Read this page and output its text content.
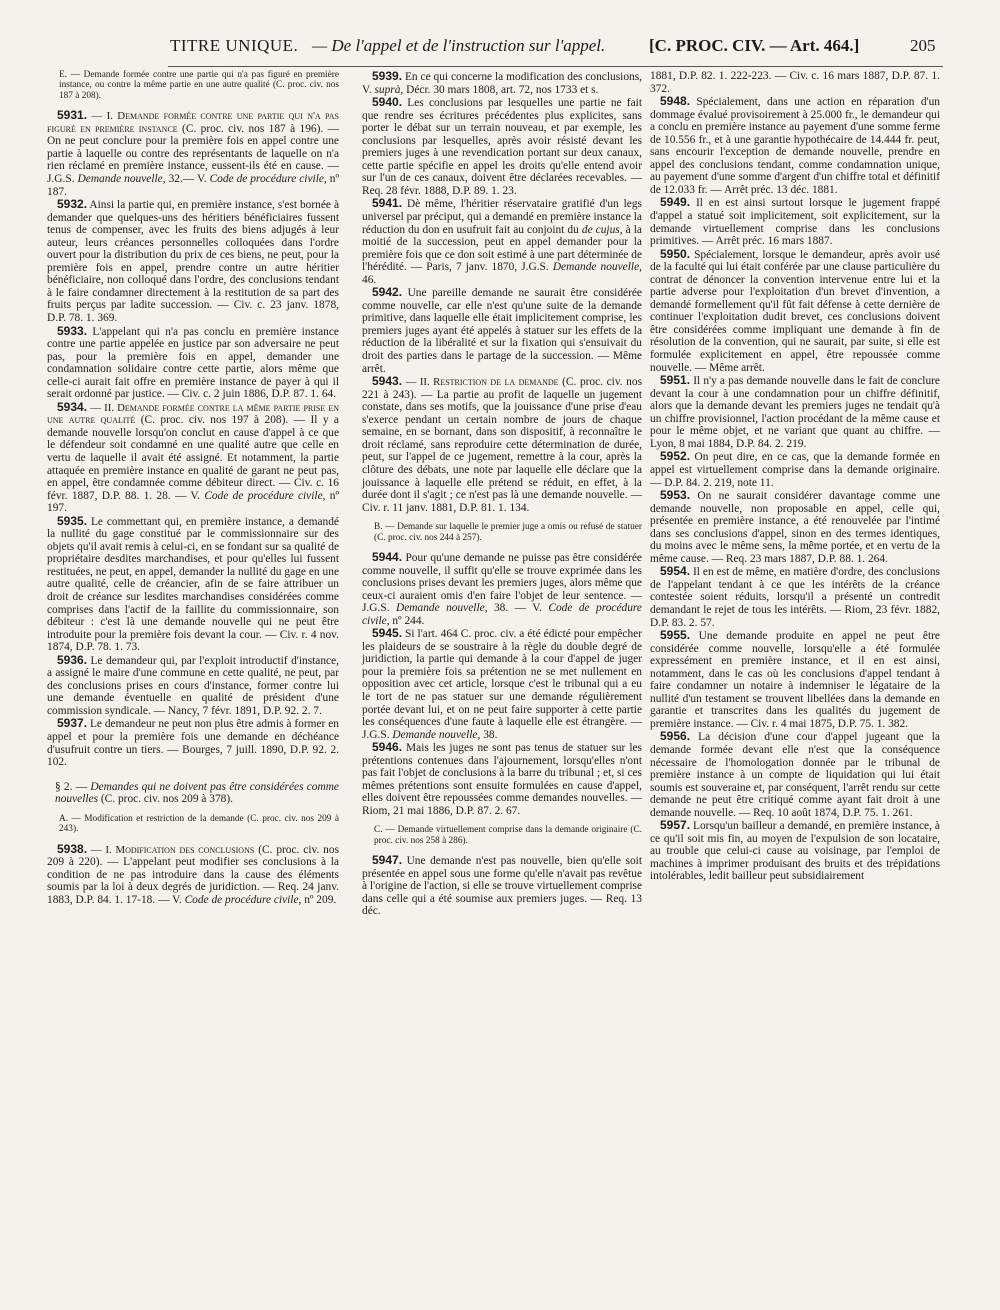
TITRE UNIQUE. — De l'appel et de l'instruction sur l'appel.	[C. PROC. CIV. — Art. 464.]	205

E. — Demande formée contre une partie qui n'a pas figuré en première instance, ou contre la même partie en une autre qualité (C. proc. civ. nos 187 à 208).

5931. — I. Demande formée contre une partie qui n'a pas figuré en première instance (C. proc. civ. nos 187 à 196). — On ne peut conclure pour la première fois en appel contre une partie à laquelle ou contre des représentants de laquelle on n'a rien réclamé en première instance, eussent-ils été en cause. — J.G.S. Demande nouvelle, 32.— V. Code de procédure civile, nº 187.

5932. Ainsi la partie qui, en première instance, s'est bornée à demander que quelques-uns des héritiers bénéficiaires fussent tenus de compenser, avec les fruits des biens adjugés à leur auteur, leurs créances personnelles colloquées dans l'ordre ouvert pour la distribution du prix de ces biens, ne peut, pour la première fois en appel, prendre contre un autre héritier bénéficiaire, non colloqué dans l'ordre, des conclusions tendant à le faire condamner directement à la restitution de sa part des fruits perçus par ladite succession. — Civ. c. 23 janv. 1878, D.P. 78. 1. 369.

5933. L'appelant qui n'a pas conclu en première instance contre une partie appelée en justice par son adversaire ne peut pas, pour la première fois en appel, demander une condamnation solidaire contre cette partie, alors même que celle-ci aurait fait offre en première instance de payer à qui il serait ordonné par justice. — Civ. c. 2 juin 1886, D.P. 87. 1. 64.

5934. — II. Demande formée contre la même partie prise en une autre qualité (C. proc. civ. nos 197 à 208). — Il y a demande nouvelle lorsqu'on conclut en cause d'appel à ce que le défendeur soit condamné en une qualité autre que celle en vertu de laquelle il avait été assigné. Et notamment, la partie attaquée en première instance en qualité de garant ne peut pas, en appel, être condamnée comme débiteur direct. — Civ. c. 16 févr. 1887, D.P. 88. 1. 28. — V. Code de procédure civile, nº 197.

5935. Le commettant qui, en première instance, a demandé la nullité du gage constitué par le commissionnaire sur des objets qu'il avait remis à celui-ci, en se fondant sur sa qualité de propriétaire desdites marchandises, et pour qu'elles lui fussent restituées, ne peut, en appel, demander la nullité du gage en une autre qualité, celle de créancier, afin de se faire attribuer un droit de créance sur lesdites marchandises considérées comme comprises dans l'actif de la faillite du commissionnaire, son débiteur : c'est là une demande nouvelle qui ne peut être introduite pour la première fois devant la cour. — Civ. r. 4 nov. 1874, D.P. 78. 1. 73.

5936. Le demandeur qui, par l'exploit introductif d'instance, a assigné le maire d'une commune en cette qualité, ne peut, par des conclusions prises en cours d'instance, former contre lui une demande éventuelle en qualité de président d'une commission syndicale. — Nancy, 7 févr. 1891, D.P. 92. 2. 7.

5937. Le demandeur ne peut non plus être admis à former en appel et pour la première fois une demande en déchéance d'usufruit contre un tiers. — Bourges, 7 juill. 1890, D.P. 92. 2. 102.

§ 2. — Demandes qui ne doivent pas être considérées comme nouvelles (C. proc. civ. nos 209 à 378).

A. — Modification et restriction de la demande (C. proc. civ. nos 209 à 243).

5938. — I. Modification des conclusions (C. proc. civ. nos 209 à 220). — L'appelant peut modifier ses conclusions à la condition de ne pas introduire dans la cause des éléments soumis par la loi à deux degrés de juridiction. — Req. 24 janv. 1883, D.P. 84. 1. 17-18. — V. Code de procédure civile, nº 209.

5939. En ce qui concerne la modification des conclusions, V. suprà, Décr. 30 mars 1808, art. 72, nos 1733 et s.

5940. Les conclusions par lesquelles une partie ne fait que rendre ses écritures précédentes plus explicites, sans porter le débat sur un terrain nouveau, et par exemple, les conclusions par lesquelles, après avoir résisté devant les premiers juges à une revendication portant sur deux canaux, cette partie spécifie en appel les droits qu'elle entend avoir sur l'un de ces canaux, doivent être déclarées recevables. — Req. 28 févr. 1888, D.P. 89. 1. 23.

5941. Dè même, l'héritier réservataire gratifié d'un legs universel par préciput, qui a demandé en première instance la réduction du don en usufruit fait au conjoint du de cujus, à la moitié de la succession, peut en appel demander pour la première fois que ce don soit estimé à une part déterminée de l'hérédité. — Paris, 7 janv. 1870, J.G.S. Demande nouvelle, 46.

5942. Une pareille demande ne saurait être considérée comme nouvelle, car elle n'est qu'une suite de la demande primitive, dans laquelle elle était implicitement comprise, les premiers juges ayant été appelés à statuer sur les effets de la réduction de la libéralité et sur la fixation qui s'ensuivait du droit des parties dans le partage de la succession. — Même arrêt.

5943. — II. Restriction de la demande (C. proc. civ. nos 221 à 243). — La partie au profit de laquelle un jugement constate, dans ses motifs, que la jouissance d'une prise d'eau s'exerce pendant un certain nombre de jours de chaque semaine, en se bornant, dans son dispositif, à reconnaître le droit réclamé, sans reproduire cette détermination de durée, peut, sur l'appel de ce jugement, remettre à la cour, après la clôture des débats, une note par laquelle elle déclare que la jouissance à laquelle elle prétend se réduit, en effet, à la durée dont il s'agit ; ce n'est pas là une demande nouvelle. — Civ. r. 11 janv. 1881, D.P. 81. 1. 134.

B. — Demande sur laquelle le premier juge a omis ou refusé de statuer (C. proc. civ. nos 244 à 257).

5944. Pour qu'une demande ne puisse pas être considérée comme nouvelle, il suffit qu'elle se trouve exprimée dans les conclusions prises devant les premiers juges, alors même que ceux-ci auraient omis d'en faire l'objet de leur sentence. — J.G.S. Demande nouvelle, 38. — V. Code de procédure civile, nº 244.

5945. Si l'art. 464 C. proc. civ. a été édicté pour empêcher les plaideurs de se soustraire à la règle du double degré de juridiction, la partie qui demande à la cour d'appel de juger pour la première fois sa prétention ne se met nullement en opposition avec cet article, lorsque c'est le tribunal qui a eu le tort de ne pas statuer sur une demande régulièrement portée devant lui, et on ne peut faire supporter à cette partie les conséquences d'une faute à laquelle elle est étrangère. — J.G.S. Demande nouvelle, 38.

5946. Mais les juges ne sont pas tenus de statuer sur les prétentions contenues dans l'ajournement, lorsqu'elles n'ont pas fait l'objet de conclusions à la barre du tribunal ; et, si ces mêmes prétentions sont ensuite formulées en cause d'appel, elles doivent être repoussées comme demandes nouvelles. — Riom, 21 mai 1886, D.P. 87. 2. 67.

C. — Demande virtuellement comprise dans la demande originaire (C. proc. civ. nos 258 à 286).

5947. Une demande n'est pas nouvelle, bien qu'elle soit présentée en appel sous une forme qu'elle n'avait pas revêtue à l'origine de l'action, si elle se trouve virtuellement comprise dans celle qui a été soumise aux premiers juges. — Req. 13 déc.

1881, D.P. 82. 1. 222-223. — Civ. c. 16 mars 1887, D.P. 87. 1. 372.

5948. Spécialement, dans une action en réparation d'un dommage évalué provisoirement à 25.000 fr., le demandeur qui a conclu en première instance au payement d'une somme ferme de 10.556 fr., et à une garantie hypothécaire de 14.444 fr. peut, sans encourir l'exception de demande nouvelle, prendre en appel des conclusions tendant, comme condamnation unique, au payement d'une somme d'argent d'un chiffre total et définitif de 12.033 fr. — Arrêt préc. 13 déc. 1881.

5949. Il en est ainsi surtout lorsque le jugement frappé d'appel a statué soit implicitement, soit explicitement, sur la demande virtuellement comprise dans les conclusions primitives. — Arrêt préc. 16 mars 1887.

5950. Spécialement, lorsque le demandeur, après avoir usé de la faculté qui lui était conférée par une clause particulière du contrat de dénoncer la convention intervenue entre lui et la partie adverse pour l'exploitation d'un brevet d'invention, a demandé formellement qu'il fût fait défense à cette dernière de continuer l'exploitation dudit brevet, ces conclusions doivent être considérées comme impliquant une demande à fin de résolution de la convention, qui ne saurait, par suite, si elle est formulée explicitement en appel, être repoussée comme nouvelle. — Même arrêt.

5951. Il n'y a pas demande nouvelle dans le fait de conclure devant la cour à une condamnation pour un chiffre définitif, alors que la demande devant les premiers juges ne tendait qu'à un chiffre provisionnel, l'action procédant de la même cause et pour le même objet, et ne variant que quant au chiffre. — Lyon, 8 mai 1884, D.P. 84. 2. 219.

5952. On peut dire, en ce cas, que la demande formée en appel est virtuellement comprise dans la demande originaire. — D.P. 84. 2. 219, note 11.

5953. On ne saurait considérer davantage comme une demande nouvelle, non proposable en appel, celle qui, présentée en première instance, a été renouvelée par l'intimé dans ses conclusions d'appel, sinon en des termes identiques, du moins avec le même sens, la même portée, et en vertu de la même cause. — Req. 23 mars 1887, D.P. 88. 1. 264.

5954. Il en est de même, en matière d'ordre, des conclusions de l'appelant tendant à ce que les intérêts de la créance contestée soient réduits, lorsqu'il a présenté un contredit demandant le rejet de tous les intérêts. — Riom, 23 févr. 1882, D.P. 83. 2. 57.

5955. Une demande produite en appel ne peut être considérée comme nouvelle, lorsqu'elle a été formulée expressément en première instance, et il en est ainsi, notamment, dans le cas où les conclusions d'appel tendant à faire condamner un notaire à indemniser le légataire de la nullité d'un testament se trouvent libellées dans la demande en garantie et transcrites dans les qualités du jugement de première instance. — Civ. r. 4 mai 1875, D.P. 75. 1. 382.

5956. La décision d'une cour d'appel jugeant que la demande formée devant elle n'est que la conséquence nécessaire de l'homologation donnée par le tribunal de première instance à un compte de liquidation qui lui était soumis est souveraine et, par conséquent, l'arrêt rendu sur cette demande ne peut être critiqué comme ayant fait droit à une demande nouvelle. — Req. 10 août 1874, D.P. 75. 1. 261.

5957. Lorsqu'un bailleur a demandé, en première instance, à ce qu'il soit mis fin, au moyen de l'expulsion de son locataire, au trouble que celui-ci cause au voisinage, par l'emploi de machines à imprimer produisant des bruits et des trépidations intolérables, ledit bailleur peut subsidiairement
